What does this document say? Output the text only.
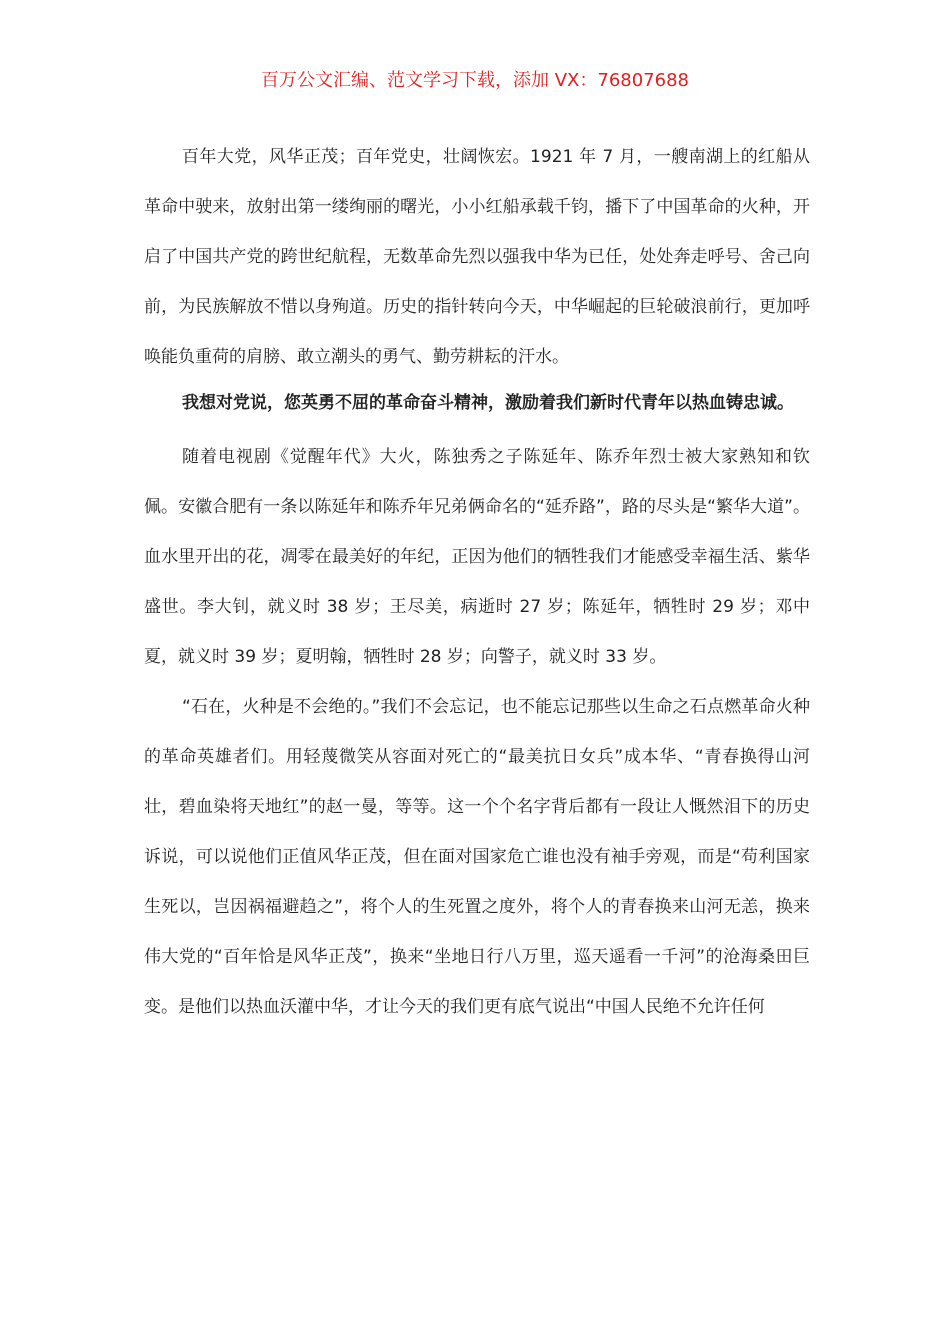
百万公文汇编、范文学习下载，添加 VX：76807688

百年大党，风华正茂；百年党史，壮阔恢宏。1921 年 7 月，一艘南湖上的红船从革命中驶来，放射出第一缕绚丽的曙光，小小红船承载千钧，播下了中国革命的火种，开启了中国共产党的跨世纪航程，无数革命先烈以强我中华为已任，处处奔走呼号、舍己向前，为民族解放不惜以身殉道。历史的指针转向今天，中华崛起的巨轮破浪前行，更加呼唤能负重荷的肩膀、敢立潮头的勇气、勤劳耕耘的汗水。

我想对党说，您英勇不屈的革命奋斗精神，激励着我们新时代青年以热血铸忠诚。

随着电视剧《觉醒年代》大火，陈独秀之子陈延年、陈乔年烈士被大家熟知和钦佩。安徽合肥有一条以陈延年和陈乔年兄弟俩命名的“延乔路”，路的尽头是“繁华大道”。血水里开出的花，凋零在最美好的年纪，正因为他们的牺牲我们才能感受幸福生活、紫华盛世。李大钊，就义时 38 岁；王尽美，病逝时 27 岁；陈延年，牺牲时 29 岁；邓中夏，就义时 39 岁；夏明翰，牺牲时 28 岁；向警子，就义时 33 岁。

“石在，火种是不会绝的。”我们不会忘记，也不能忘记那些以生命之石点燃革命火种的革命英雄者们。用轻蔑微笑从容面对死亡的“最美抗日女兵”成本华、“青春换得山河壮，碧血染将天地红”的赵一曼，等等。这一个个名字背后都有一段让人慨然泪下的历史诉说，可以说他们正值风华正茂，但在面对国家危亡谁也没有袖手旁观，而是“苟利国家生死以，岂因祸福避趋之”，将个人的生死置之度外，将个人的青春换来山河无恙，换来伟大党的“百年恰是风华正茂”，换来“坐地日行八万里，巡天遥看一千河”的沧海桑田巨变。是他们以热血沃灌中华，才让今天的我们更有底气说出“中国人民绝不允许任何
